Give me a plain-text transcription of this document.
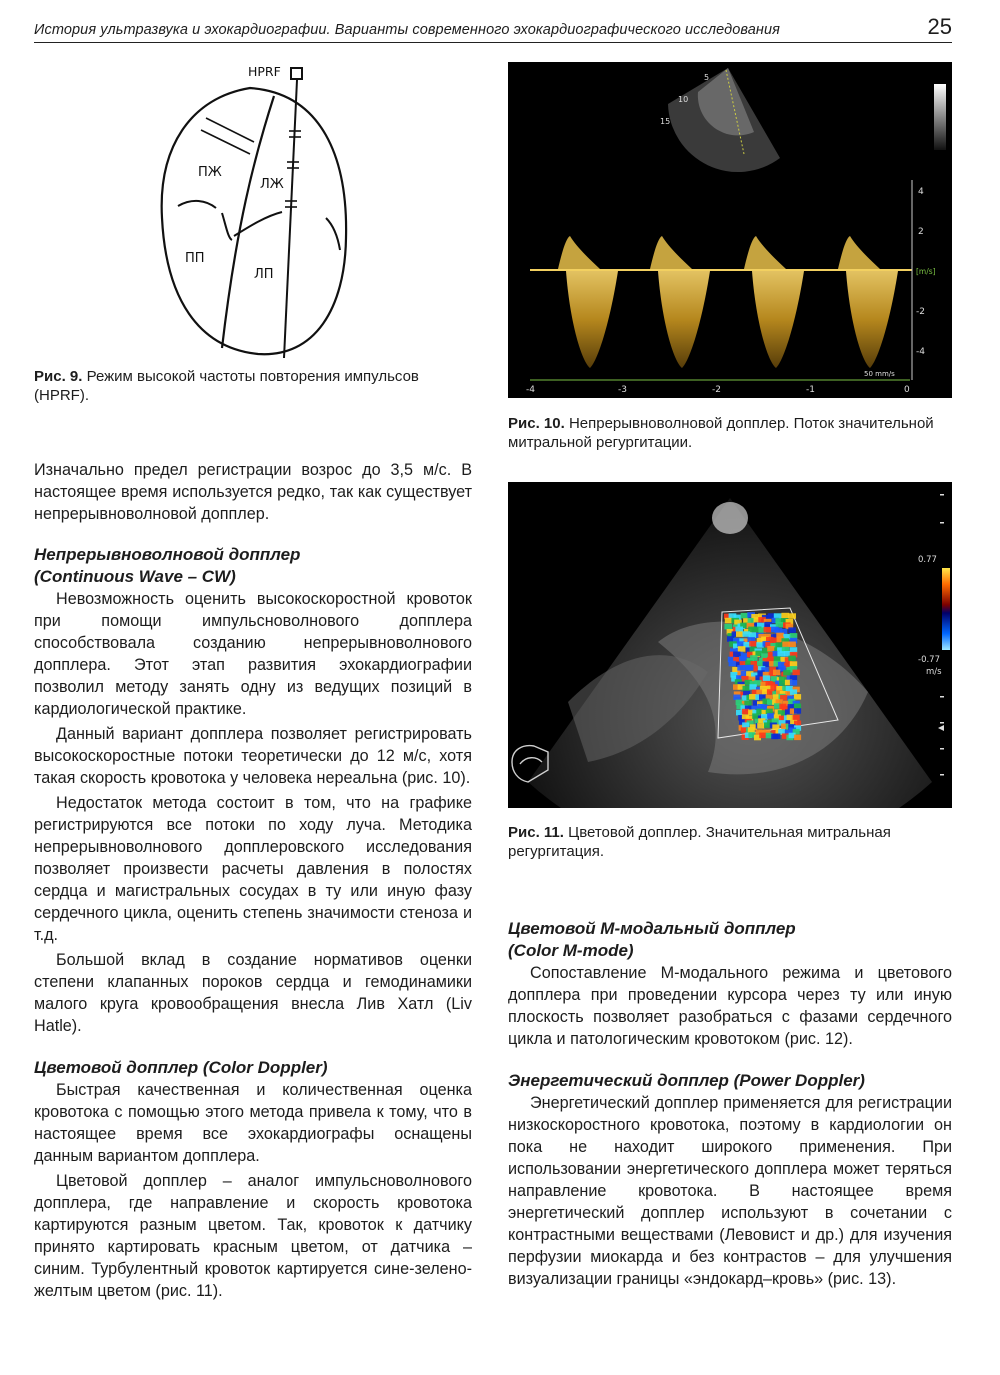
История ультразвука и эхокардиографии. Варианты современного эхокардиографического исследования	25
HPRF
ПЖ
ЛЖ
ПП
ЛП
Рис. 9. Режим высокой частоты повторения импульсов (HPRF).
5
10
15
4
2
-2
-4
[m/s]
-4	-3	-2	-1	0
50 mm/s
Рис. 10. Непрерывноволновой допплер. Поток значительной митральной регургитации.
0.77
-0.77
m/s
Рис. 11. Цветовой допплер. Значительная митральная регургитация.

Изначально предел регистрации возрос до 3,5 м/с. В настоящее время используется редко, так как существует непрерывноволновой допплер.

Непрерывноволновой допплер
(Continuous Wave – CW)

Невозможность оценить высокоскоростной кровоток при помощи импульсноволнового допплера способствовала созданию непрерывноволнового допплера. Этот этап развития эхокардиографии позволил методу занять одну из ведущих позиций в кардиологической практике.

Данный вариант допплера позволяет регистрировать высокоскоростные потоки теоретически до 12 м/с, хотя такая скорость кровотока у человека нереальна (рис. 10).

Недостаток метода состоит в том, что на графике регистрируются все потоки по ходу луча. Методика непрерывноволнового допплеровского исследования позволяет произвести расчеты давления в полостях сердца и магистральных сосудах в ту или иную фазу сердечного цикла, оценить степень значимости стеноза и т.д.

Большой вклад в создание нормативов оценки степени клапанных пороков сердца и гемодинамики малого круга кровообращения внесла Лив Хатл (Liv Hatle).

Цветовой допплер (Color Doppler)

Быстрая качественная и количественная оценка кровотока с помощью этого метода привела к тому, что в настоящее время все эхокардиографы оснащены данным вариантом допплера.

Цветовой допплер – аналог импульсноволнового допплера, где направление и скорость кровотока картируются разным цветом. Так, кровоток к датчику принято картировать красным цветом, от датчика – синим. Турбулентный кровоток картируется сине-зелено-желтым цветом (рис. 11).

Цветовой М-модальный допплер
(Color M-mode)

Сопоставление М-модального режима и цветового допплера при проведении курсора через ту или иную плоскость позволяет разобраться с фазами сердечного цикла и патологическим кровотоком (рис. 12).

Энергетический допплер (Power Doppler)

Энергетический допплер применяется для регистрации низкоскоростного кровотока, поэтому в кардиологии он пока не находит широкого применения. При использовании энергетического допплера может теряться направление кровотока. В настоящее время энергетический допплер используют в сочетании с контрастными веществами (Левовист и др.) для изучения перфузии миокарда и без контрастов – для улучшения визуализации границы «эндокард–кровь» (рис. 13).
